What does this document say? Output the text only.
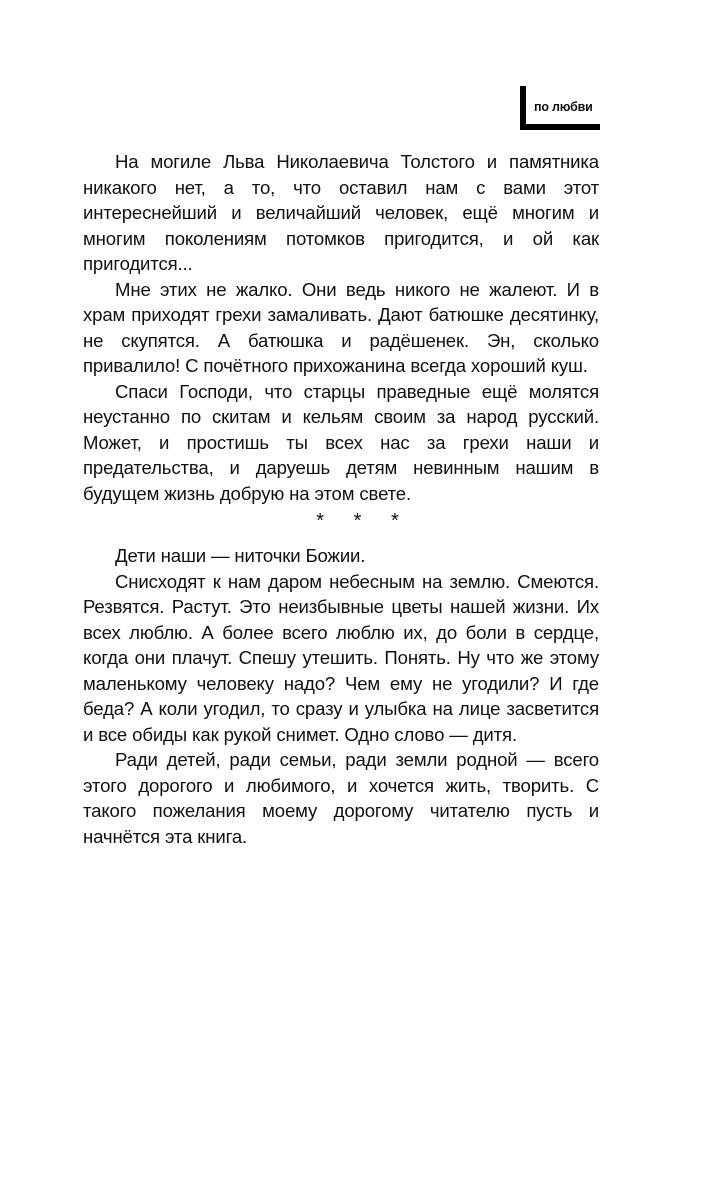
по любви

На могиле Льва Николаевича Толстого и памятника никакого нет, а то, что оставил нам с вами этот интереснейший и величайший человек, ещё многим и многим поколениям потомков пригодится, и ой как пригодится...

Мне этих не жалко. Они ведь никого не жалеют. И в храм приходят грехи замаливать. Дают батюшке десятинку, не скупятся. А батюшка и радёшенек. Эн, сколько привалило! С почётного прихожанина всегда хороший куш.

Спаси Господи, что старцы праведные ещё молятся неустанно по скитам и кельям своим за народ русский. Может, и простишь ты всех нас за грехи наши и предательства, и даруешь детям невинным нашим в будущем жизнь добрую на этом свете.

* * *

Дети наши — ниточки Божии.

Снисходят к нам даром небесным на землю. Смеются. Резвятся. Растут. Это неизбывные цветы нашей жизни. Их всех люблю. А более всего люблю их, до боли в сердце, когда они плачут. Спешу утешить. Понять. Ну что же этому маленькому человеку надо? Чем ему не угодили? И где беда? А коли угодил, то сразу и улыбка на лице засветится и все обиды как рукой снимет. Одно слово — дитя.

Ради детей, ради семьи, ради земли родной — всего этого дорогого и любимого, и хочется жить, творить. С такого пожелания моему дорогому читателю пусть и начнётся эта книга.
